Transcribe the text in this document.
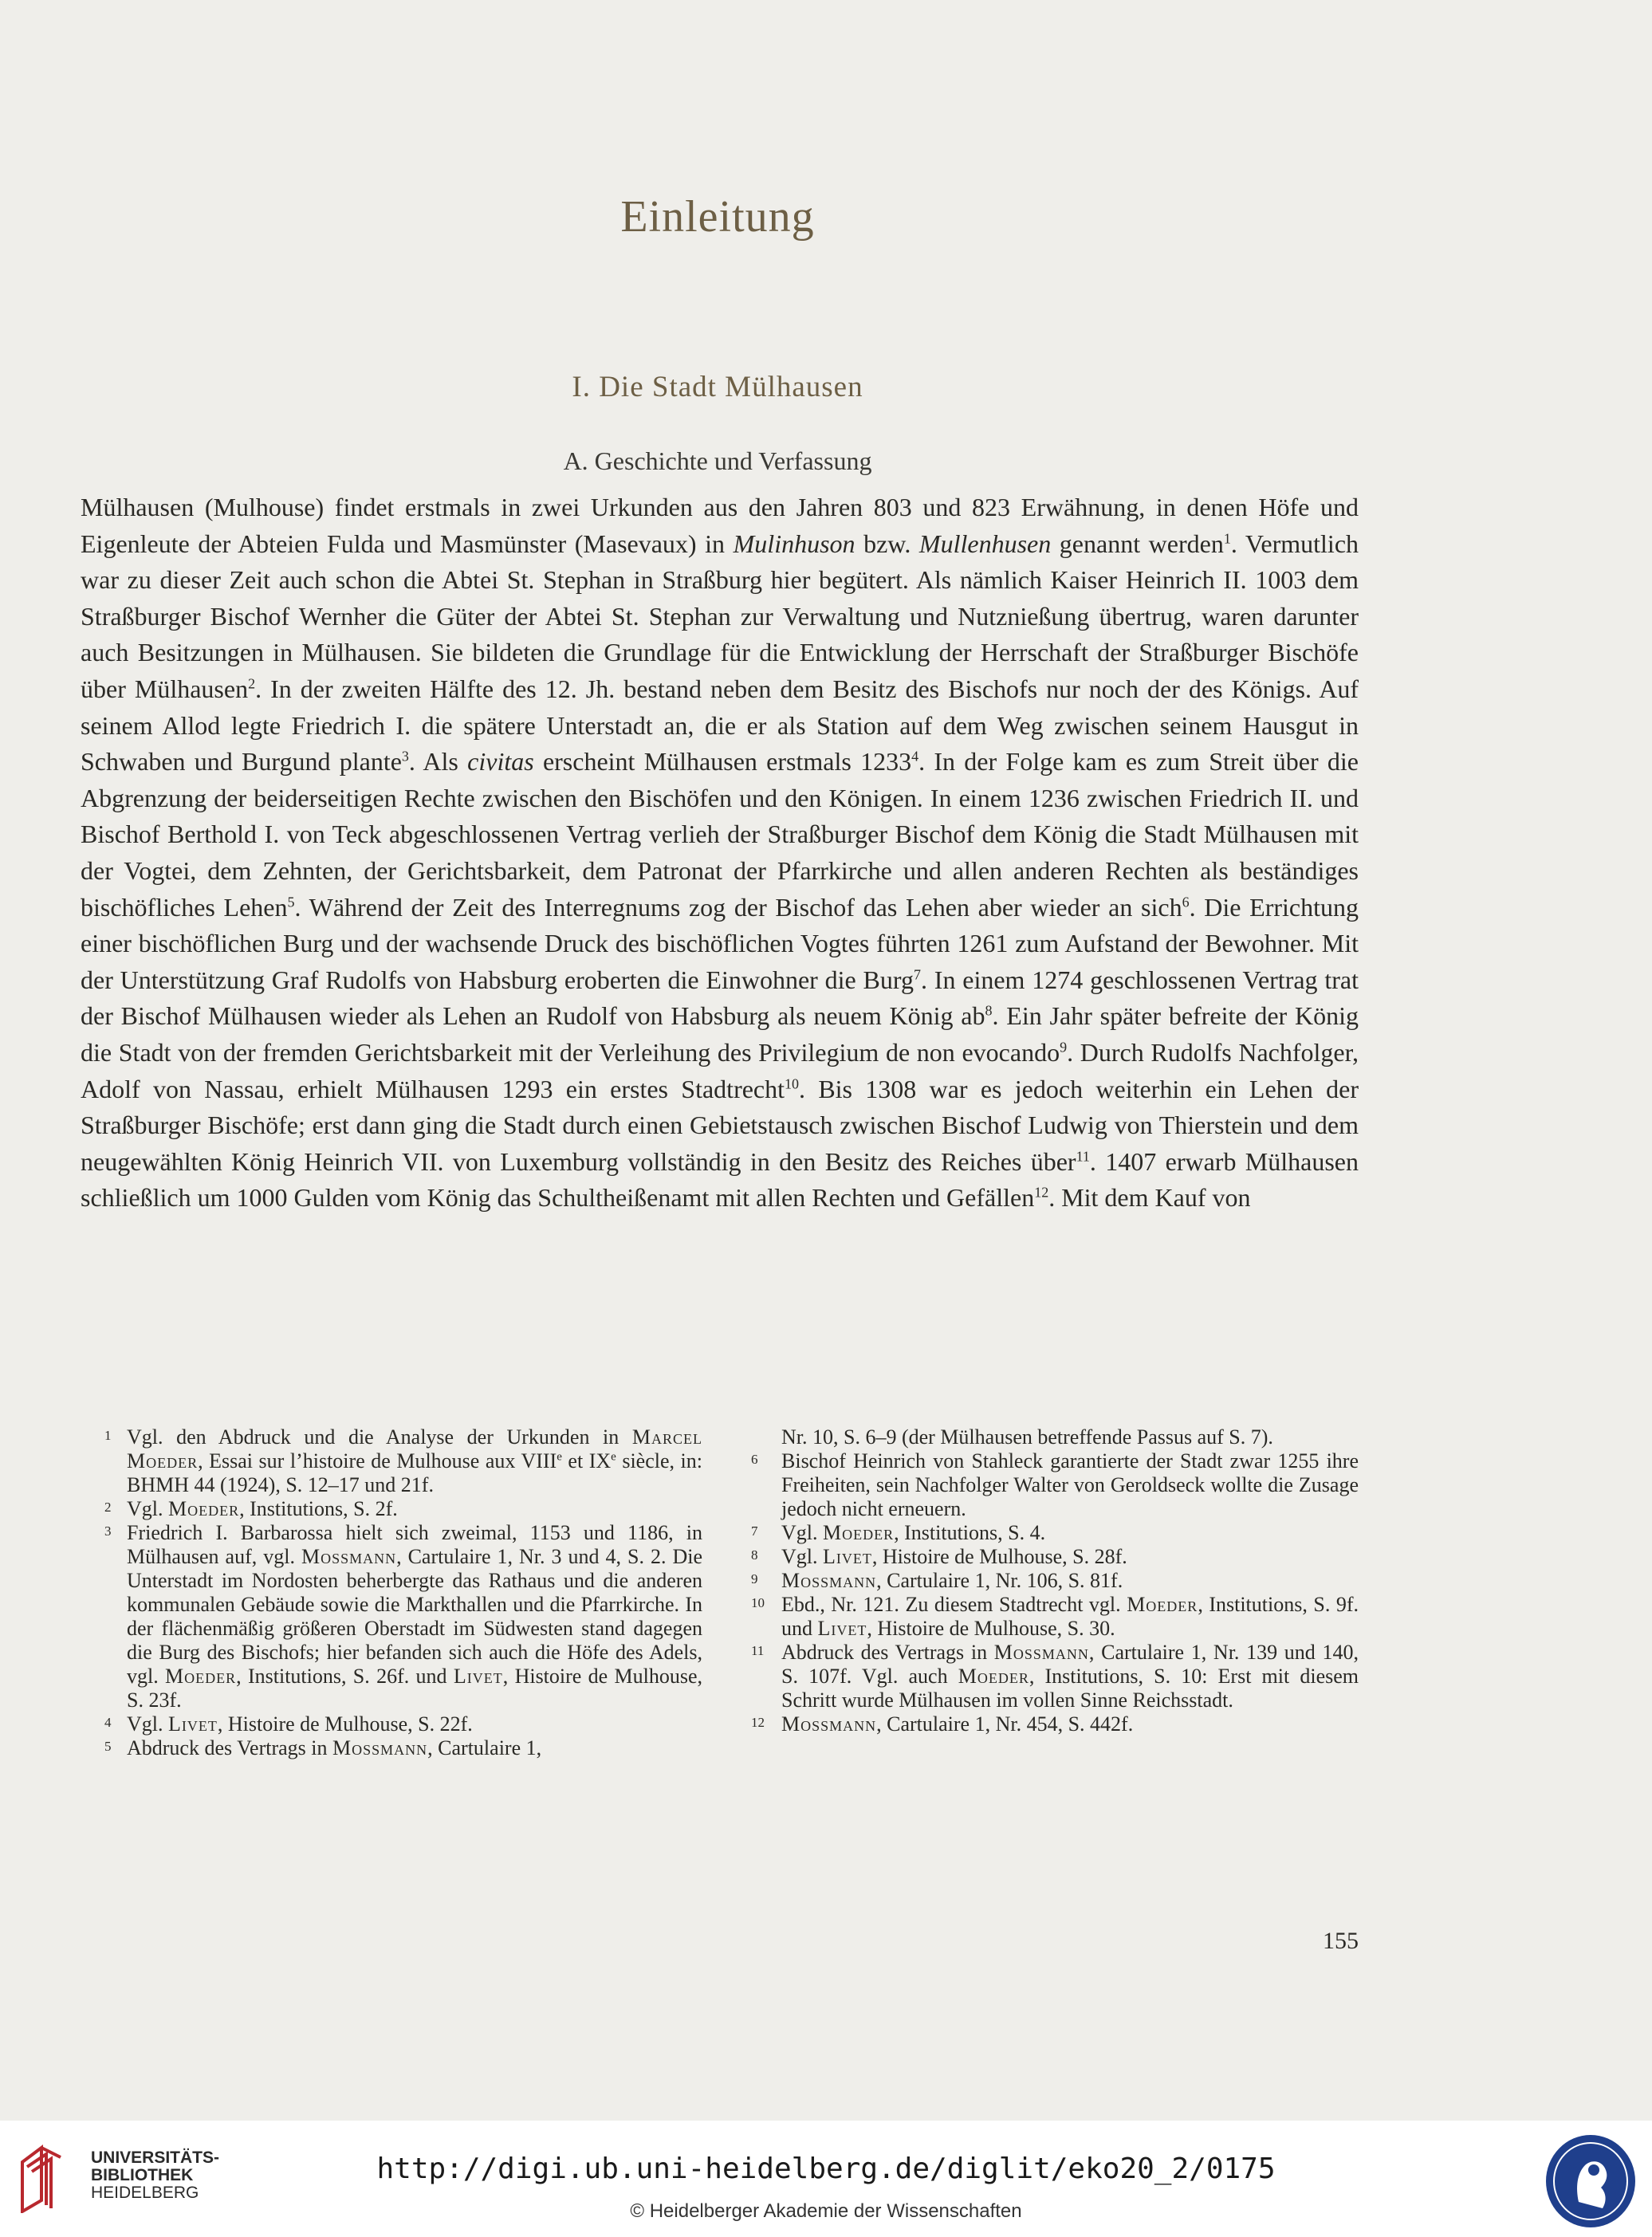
Einleitung
I. Die Stadt Mülhausen
A. Geschichte und Verfassung

Mülhausen (Mulhouse) findet erstmals in zwei Urkunden aus den Jahren 803 und 823 Erwähnung, in denen Höfe und Eigenleute der Abteien Fulda und Masmünster (Masevaux) in Mulinhuson bzw. Mullenhusen genannt werden$^1$. Vermutlich war zu dieser Zeit auch schon die Abtei St. Stephan in Straßburg hier begütert. Als nämlich Kaiser Heinrich II. 1003 dem Straßburger Bischof Wernher die Güter der Abtei St. Stephan zur Verwaltung und Nutznießung übertrug, waren darunter auch Besitzungen in Mülhausen. Sie bildeten die Grundlage für die Entwicklung der Herrschaft der Straßburger Bischöfe über Mülhausen$^2$. In der zweiten Hälfte des 12. Jh. bestand neben dem Besitz des Bischofs nur noch der des Königs. Auf seinem Allod legte Friedrich I. die spätere Unterstadt an, die er als Station auf dem Weg zwischen seinem Hausgut in Schwaben und Burgund plante$^3$. Als civitas erscheint Mülhausen erstmals 1233$^4$. In der Folge kam es zum Streit über die Abgrenzung der beiderseitigen Rechte zwischen den Bischöfen und den Königen. In einem 1236 zwischen Friedrich II. und Bischof Berthold I. von Teck abgeschlossenen Vertrag verlieh der Straßburger Bischof dem König die Stadt Mülhausen mit der Vogtei, dem Zehnten, der Gerichtsbarkeit, dem Patronat der Pfarrkirche und allen anderen Rechten als beständiges bischöfliches Lehen$^5$. Während der Zeit des Interregnums zog der Bischof das Lehen aber wieder an sich$^6$. Die Errichtung einer bischöflichen Burg und der wachsende Druck des bischöflichen Vogtes führten 1261 zum Aufstand der Bewohner. Mit der Unterstützung Graf Rudolfs von Habsburg eroberten die Einwohner die Burg$^7$. In einem 1274 geschlossenen Vertrag trat der Bischof Mülhausen wieder als Lehen an Rudolf von Habsburg als neuem König $ab^8$. Ein Jahr später befreite der König die Stadt von der fremden Gerichtsbarkeit mit der Verleihung des Privilegium de non evocando$^9$. Durch Rudolfs Nachfolger, Adolf von Nassau, erhielt Mülhausen 1293 ein erstes Stadtrecht$^{10}$. Bis 1308 war es jedoch weiterhin ein Lehen der Straßburger Bischöfe; erst dann ging die Stadt durch einen Gebietstausch zwischen Bischof Ludwig von Thierstein und dem neugewählten König Heinrich VII. von Luxemburg vollständig in den Besitz des Reiches über$^{11}$. 1407 erwarb Mülhausen schließlich um 1000 Gulden vom König das Schultheißenamt mit allen Rechten und Gefällen$^{12}$. Mit dem Kauf von

1 Vgl. den Abdruck und die Analyse der Urkunden in Marcel Moeder, Essai sur l’histoire de Mulhouse aux VIIIe et IXe siècle, in: BHMH 44 (1924), S. 12–17 und 21f.
2 Vgl. Moeder, Institutions, S. 2f.
3 Friedrich I. Barbarossa hielt sich zweimal, 1153 und 1186, in Mülhausen auf, vgl. Mossmann, Cartulaire 1, Nr. 3 und 4, S. 2. Die Unterstadt im Nordosten beherbergte das Rathaus und die anderen kommunalen Gebäude sowie die Markthallen und die Pfarrkirche. In der flächenmäßig größeren Oberstadt im Südwesten stand dagegen die Burg des Bischofs; hier befanden sich auch die Höfe des Adels, vgl. Moeder, Institutions, S. 26f. und Livet, Histoire de Mulhouse, S. 23f.
4 Vgl. Livet, Histoire de Mulhouse, S. 22f.
5 Abdruck des Vertrags in Mossmann, Cartulaire 1,
Nr. 10, S. 6–9 (der Mülhausen betreffende Passus auf S. 7).
6 Bischof Heinrich von Stahleck garantierte der Stadt zwar 1255 ihre Freiheiten, sein Nachfolger Walter von Geroldseck wollte die Zusage jedoch nicht erneuern.
7 Vgl. Moeder, Institutions, S. 4.
8 Vgl. Livet, Histoire de Mulhouse, S. 28f.
9 Mossmann, Cartulaire 1, Nr. 106, S. 81f.
10 Ebd., Nr. 121. Zu diesem Stadtrecht vgl. Moeder, Institutions, S. 9f. und Livet, Histoire de Mulhouse, S. 30.
11 Abdruck des Vertrags in Mossmann, Cartulaire 1, Nr. 139 und 140, S. 107f. Vgl. auch Moeder, Institutions, S. 10: Erst mit diesem Schritt wurde Mülhausen im vollen Sinne Reichsstadt.
12 Mossmann, Cartulaire 1, Nr. 454, S. 442f.
155
UNIVERSITÄTS-
BIBLIOTHEK
HEIDELBERG
http://digi.ub.uni-heidelberg.de/diglit/eko20_2/0175
© Heidelberger Akademie der Wissenschaften
